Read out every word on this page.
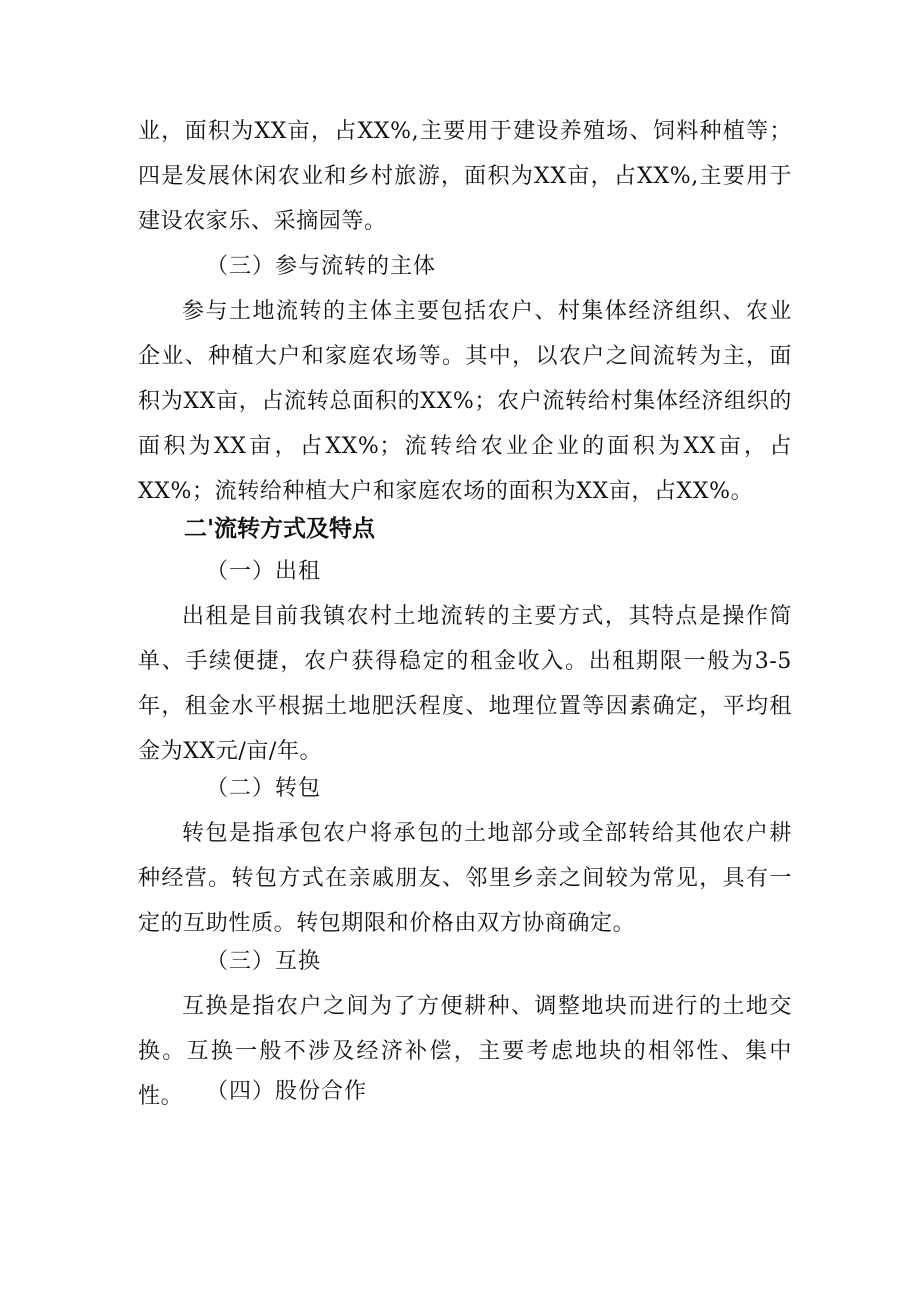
业，面积为XX亩，占XX%,主要用于建设养殖场、饲料种植等；四是发展休闲农业和乡村旅游，面积为XX亩，占XX%,主要用于建设农家乐、采摘园等。

（三）参与流转的主体

参与土地流转的主体主要包括农户、村集体经济组织、农业企业、种植大户和家庭农场等。其中，以农户之间流转为主，面积为XX亩，占流转总面积的XX%；农户流转给村集体经济组织的面积为XX亩，占XX%；流转给农业企业的面积为XX亩，占XX%；流转给种植大户和家庭农场的面积为XX亩，占XX%。

二'流转方式及特点

（一）出租

出租是目前我镇农村土地流转的主要方式，其特点是操作简单、手续便捷，农户获得稳定的租金收入。出租期限一般为3-5年，租金水平根据土地肥沃程度、地理位置等因素确定，平均租金为XX元/亩/年。

（二）转包

转包是指承包农户将承包的土地部分或全部转给其他农户耕种经营。转包方式在亲戚朋友、邻里乡亲之间较为常见，具有一定的互助性质。转包期限和价格由双方协商确定。

（三）互换

互换是指农户之间为了方便耕种、调整地块而进行的土地交换。互换一般不涉及经济补偿，主要考虑地块的相邻性、集中性。	（四）股份合作
